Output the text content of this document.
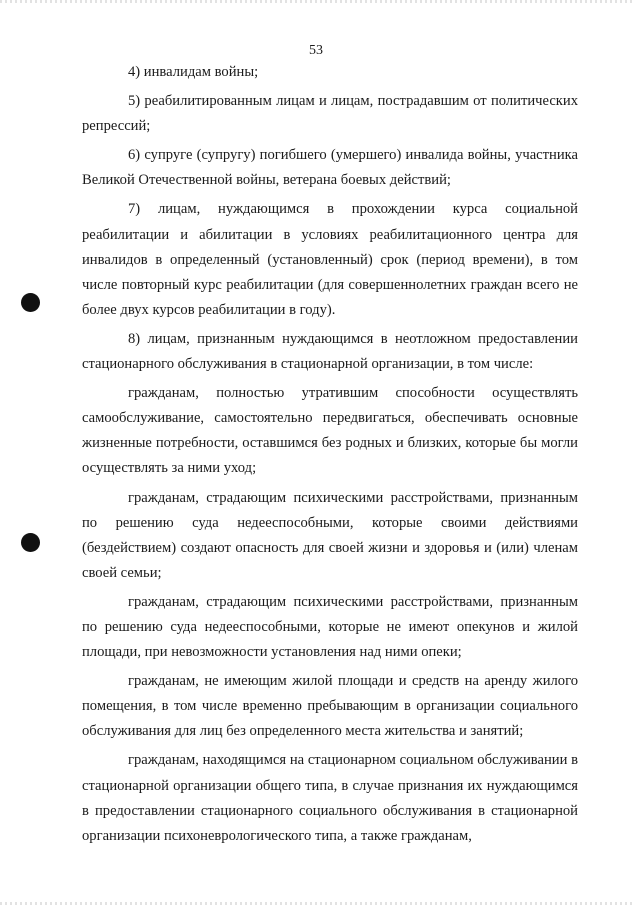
53

4) инвалидам войны;

5) реабилитированным лицам и лицам, пострадавшим от политических репрессий;

6) супруге (супругу) погибшего (умершего) инвалида войны, участника Великой Отечественной войны, ветерана боевых действий;

7) лицам, нуждающимся в прохождении курса социальной реабилитации и абилитации в условиях реабилитационного центра для инвалидов в определенный (установленный) срок (период времени), в том числе повторный курс реабилитации (для совершеннолетних граждан всего не более двух курсов реабилитации в году).

8) лицам, признанным нуждающимся в неотложном предоставлении стационарного обслуживания в стационарной организации, в том числе:

гражданам, полностью утратившим способности осуществлять самообслуживание, самостоятельно передвигаться, обеспечивать основные жизненные потребности, оставшимся без родных и близких, которые бы могли осуществлять за ними уход;

гражданам, страдающим психическими расстройствами, признанным по решению суда недееспособными, которые своими действиями (бездействием) создают опасность для своей жизни и здоровья и (или) членам своей семьи;

гражданам, страдающим психическими расстройствами, признанным по решению суда недееспособными, которые не имеют опекунов и жилой площади, при невозможности установления над ними опеки;

гражданам, не имеющим жилой площади и средств на аренду жилого помещения, в том числе временно пребывающим в организации социального обслуживания для лиц без определенного места жительства и занятий;

гражданам, находящимся на стационарном социальном обслуживании в стационарной организации общего типа, в случае признания их нуждающимся в предоставлении стационарного социального обслуживания в стационарной организации психоневрологического типа, а также гражданам,
